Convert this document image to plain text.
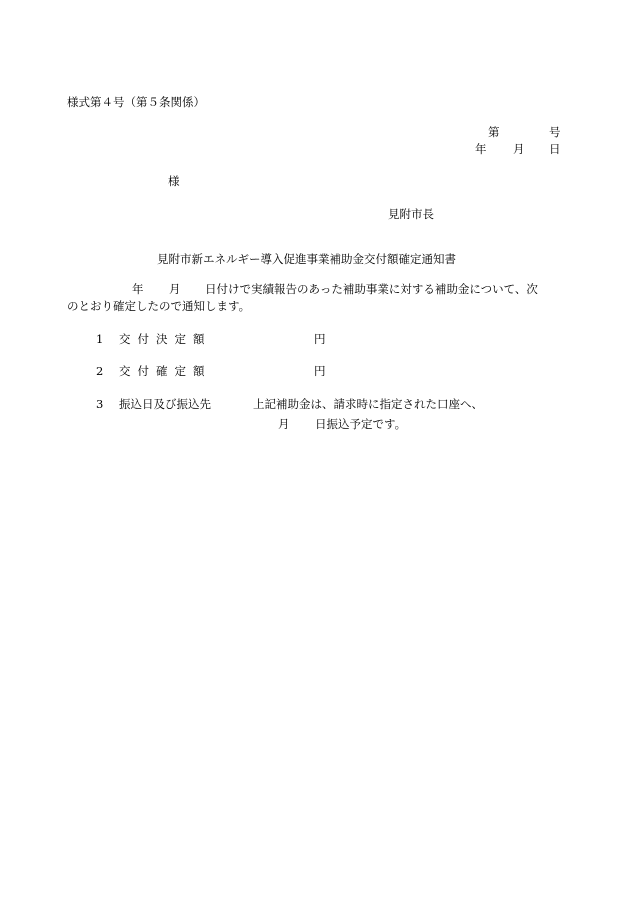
様式第４号（第５条関係）
第	号
年 月 日
様
見附市長
見附市新エネルギー導入促進事業補助金交付額確定通知書
年 月 日付けで実績報告のあった補助事業に対する補助金について、次
のとおり確定したので通知します。
1 交付決定額	円
2 交付確定額	円
3 振込日及び振込先	上記補助金は、請求時に指定された口座へ、
月 日振込予定です。
